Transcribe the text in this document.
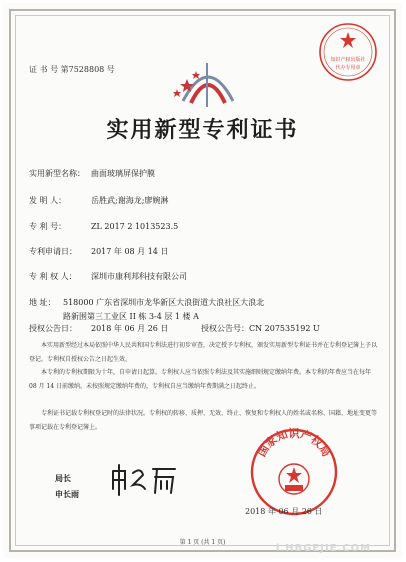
证 书 号 第7528808 号
知识产权出版社
代办专用章
实用新型专利证书
实用新型名称： 曲面玻璃屏保护膜
发 明 人：	岳胜武;谢海龙;廖婉淋
专 利 号：	ZL 2017 2 1013523.5
专利申请日： 2017 年 08 月 14 日
专 利 权 人： 深圳市康利邦科技有限公司
地 址： 518000 广东省深圳市龙华新区大浪街道大浪社区大浪北
路新围第三工业区 II 栋 3-4 层 1 楼 A
授权公告日： 2018 年 06 月 26 日	授权公告号：CN 207535192 U
本实用新型经过本局依照中华人民共和国专利法进行初步审查，决定授予专利权，颁发实用新型专利证书并在专利登记簿上予以登记。专利权自授权公告之日起生效。
本专利的专利权期限为十年，自申请日起算。专利权人应当依照专利法及其实施细则规定缴纳年费。本专利的年费应当在每年 08 月 14 日前缴纳。未按照规定缴纳年费的，专利权自应当缴纳年费期满之日起终止。
专利证书记载专利权登记时的法律状况。专利权的转移、质押、无效、终止、恢复和专利权人的姓名或名称、国籍、地址变更等事项记载在专利登记簿上。
局长
申长雨
国家知识产权局
2018 年 06 月 26 日
第 1 页 (共 1 页)
i.HBGEJIE.COM
